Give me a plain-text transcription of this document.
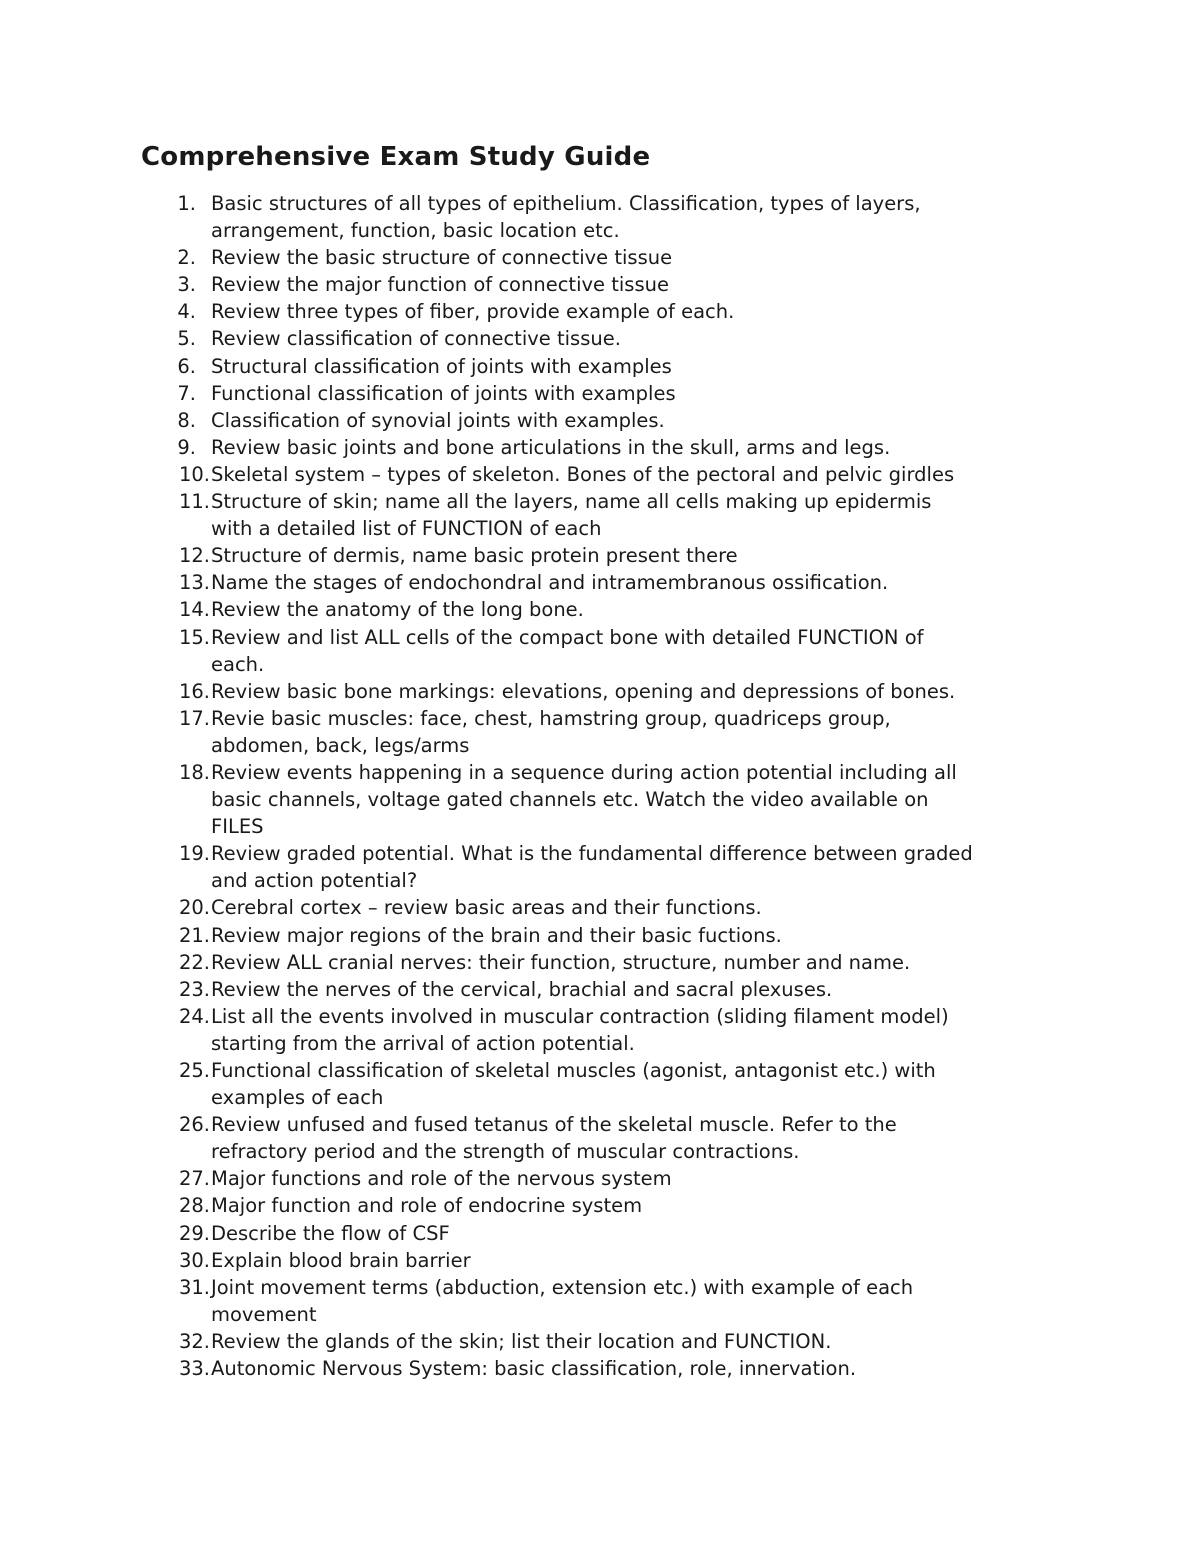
Comprehensive Exam Study Guide
1. Basic structures of all types of epithelium. Classification, types of layers,
arrangement, function, basic location etc.
2. Review the basic structure of connective tissue
3. Review the major function of connective tissue
4. Review three types of fiber, provide example of each.
5. Review classification of connective tissue.
6. Structural classification of joints with examples
7. Functional classification of joints with examples
8. Classification of synovial joints with examples.
9. Review basic joints and bone articulations in the skull, arms and legs.
10. Skeletal system – types of skeleton. Bones of the pectoral and pelvic girdles
11. Structure of skin; name all the layers, name all cells making up epidermis
with a detailed list of FUNCTION of each
12. Structure of dermis, name basic protein present there
13. Name the stages of endochondral and intramembranous ossification.
14. Review the anatomy of the long bone.
15. Review and list ALL cells of the compact bone with detailed FUNCTION of
each.
16. Review basic bone markings: elevations, opening and depressions of bones.
17. Revie basic muscles: face, chest, hamstring group, quadriceps group,
abdomen, back, legs/arms
18. Review events happening in a sequence during action potential including all
basic channels, voltage gated channels etc. Watch the video available on
FILES
19. Review graded potential. What is the fundamental difference between graded
and action potential?
20. Cerebral cortex – review basic areas and their functions.
21. Review major regions of the brain and their basic fuctions.
22. Review ALL cranial nerves: their function, structure, number and name.
23. Review the nerves of the cervical, brachial and sacral plexuses.
24. List all the events involved in muscular contraction (sliding filament model)
starting from the arrival of action potential.
25. Functional classification of skeletal muscles (agonist, antagonist etc.) with
examples of each
26. Review unfused and fused tetanus of the skeletal muscle. Refer to the
refractory period and the strength of muscular contractions.
27. Major functions and role of the nervous system
28. Major function and role of endocrine system
29. Describe the flow of CSF
30. Explain blood brain barrier
31. Joint movement terms (abduction, extension etc.) with example of each
movement
32. Review the glands of the skin; list their location and FUNCTION.
33. Autonomic Nervous System: basic classification, role, innervation.
